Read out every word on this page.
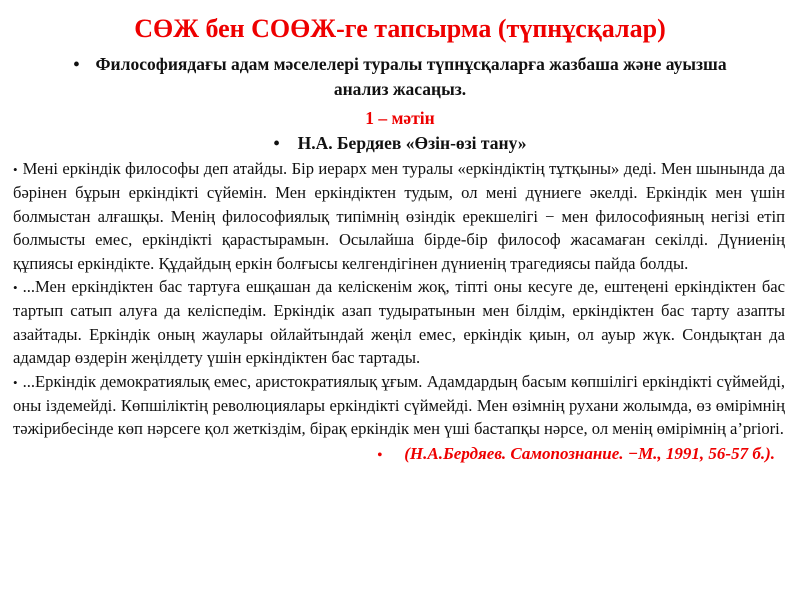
СӨЖ бен СОӨЖ-ге тапсырма (түпнұсқалар)
• Философиядағы адам мәселелері туралы түпнұсқаларға жазбаша және ауызша анализ жасаңыз.
1 – мәтін
• Н.А. Бердяев «Өзін-өзі тану»

• Мені еркіндік философы деп атайды. Бір иерарх мен туралы «еркіндіктің тұтқыны» деді. Мен шынында да бәрінен бұрын еркіндікті сүйемін. Мен еркіндіктен тудым, ол мені дүниеге әкелді. Еркіндік мен үшін болмыстан алғашқы. Менің философиялық типімнің өзіндік ерекшелігі − мен философияның негізі етіп болмысты емес, еркіндікті қарастырамын. Осылайша бірде-бір философ жасамаған секілді. Дүниенің құпиясы еркіндікте. Құдайдың еркін болғысы келгендігінен дүниенің трагедиясы пайда болды.

• ...Мен еркіндіктен бас тартуға ешқашан да келіскенім жоқ, тіпті оны кесуге де, ештеңені еркіндіктен бас тартып сатып алуға да келіспедім. Еркіндік азап тудыратынын мен білдім, еркіндіктен бас тарту азапты азайтады. Еркіндік оның жаулары ойлайтындай жеңіл емес, еркіндік қиын, ол ауыр жүк. Сондықтан да адамдар өздерін жеңілдету үшін еркіндіктен бас тартады.

• ...Еркіндік демократиялық емес, аристократиялық ұғым. Адамдардың басым көпшілігі еркіндікті сүймейді, оны іздемейді. Көпшіліктің революциялары еркіндікті сүймейді. Мен өзімнің рухани жолымда, өз өмірімнің тәжірибесінде көп нәрсеге қол жеткіздім, бірақ еркіндік мен үші бастапқы нәрсе, ол менің өмірімнің a’priori.

• (Н.А.Бердяев. Самопознание. −М., 1991, 56-57 б.).
